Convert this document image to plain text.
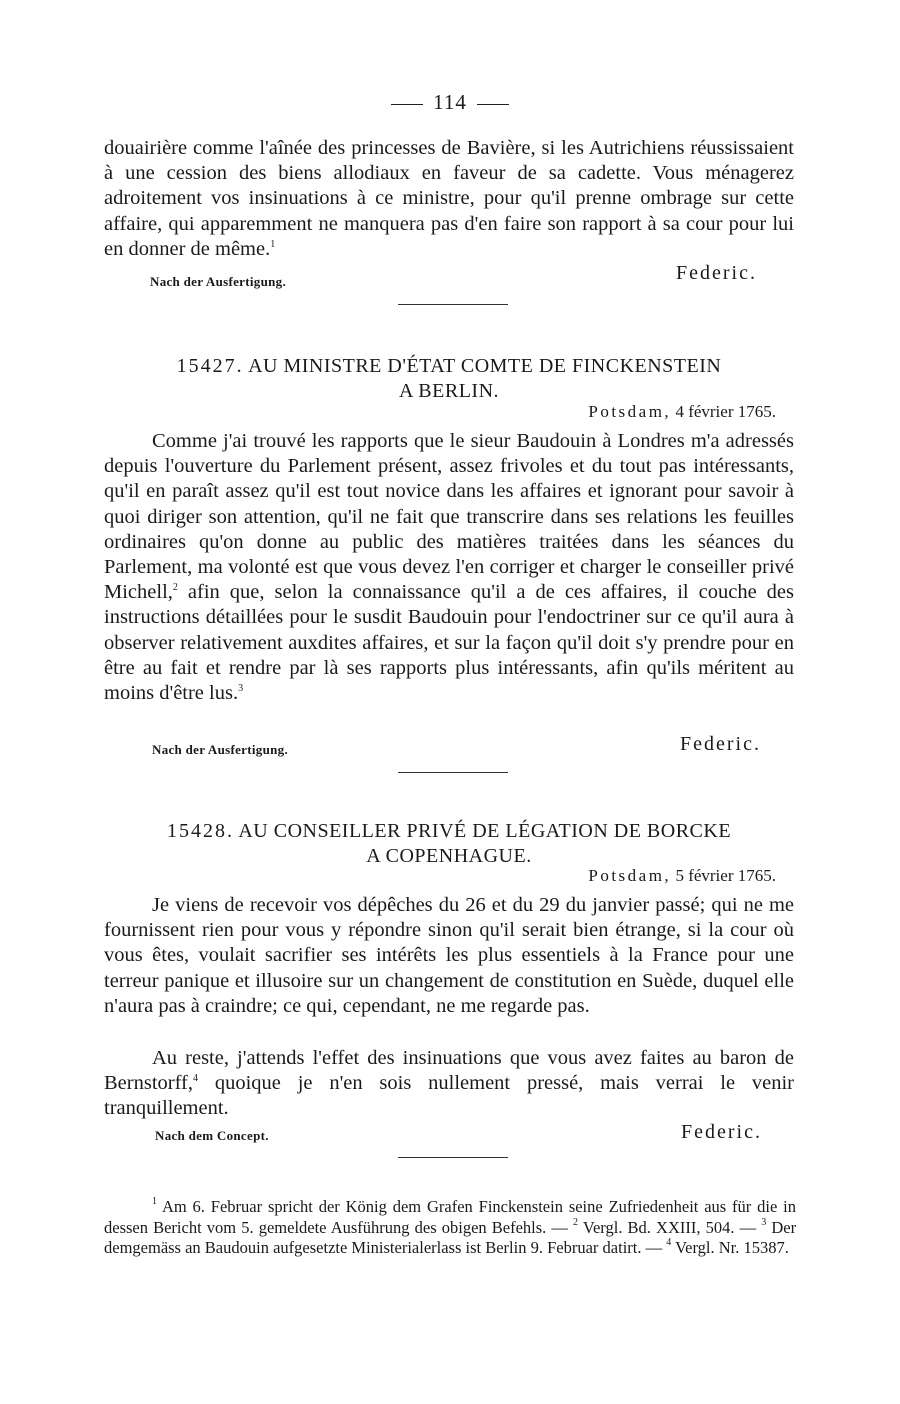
114
douairière comme l'aînée des princesses de Bavière, si les Autrichiens réussissaient à une cession des biens allodiaux en faveur de sa cadette. Vous ménagerez adroitement vos insinuations à ce ministre, pour qu'il prenne ombrage sur cette affaire, qui apparemment ne manquera pas d'en faire son rapport à sa cour pour lui en donner de même.$^1$
Nach der Ausfertigung.	Federic.
15427. AU MINISTRE D'ÉTAT COMTE DE FINCKENSTEIN
A BERLIN.
Potsdam, 4 février 1765.
Comme j'ai trouvé les rapports que le sieur Baudouin à Londres m'a adressés depuis l'ouverture du Parlement présent, assez frivoles et du tout pas intéressants, qu'il en paraît assez qu'il est tout novice dans les affaires et ignorant pour savoir à quoi diriger son attention, qu'il ne fait que transcrire dans ses relations les feuilles ordinaires qu'on donne au public des matières traitées dans les séances du Parlement, ma volonté est que vous devez l'en corriger et charger le conseiller privé Michell,$^2$ afin que, selon la connaissance qu'il a de ces affaires, il couche des instructions détaillées pour le susdit Baudouin pour l'endoctriner sur ce qu'il aura à observer relativement auxdites affaires, et sur la façon qu'il doit s'y prendre pour en être au fait et rendre par là ses rapports plus intéressants, afin qu'ils méritent au moins d'être lus.$^3$
Nach der Ausfertigung.	Federic.
15428. AU CONSEILLER PRIVÉ DE LÉGATION DE BORCKE
A COPENHAGUE.
Potsdam, 5 février 1765.
Je viens de recevoir vos dépêches du 26 et du 29 du janvier passé; qui ne me fournissent rien pour vous y répondre sinon qu'il serait bien étrange, si la cour où vous êtes, voulait sacrifier ses intérêts les plus essentiels à la France pour une terreur panique et illusoire sur un changement de constitution en Suède, duquel elle n'aura pas à craindre; ce qui, cependant, ne me regarde pas.
Au reste, j'attends l'effet des insinuations que vous avez faites au baron de Bernstorff,$^4$ quoique je n'en sois nullement pressé, mais verrai le venir tranquillement.
Nach dem Concept.	Federic.
$^1$ Am 6. Februar spricht der König dem Grafen Finckenstein seine Zufriedenheit aus für die in dessen Bericht vom 5. gemeldete Ausführung des obigen Befehls. — $^2$ Vergl. Bd. XXIII, 504. — $^3$ Der demgemäss an Baudouin aufgesetzte Ministerialerlass ist Berlin 9. Februar datirt. — $^4$ Vergl. Nr. 15387.
